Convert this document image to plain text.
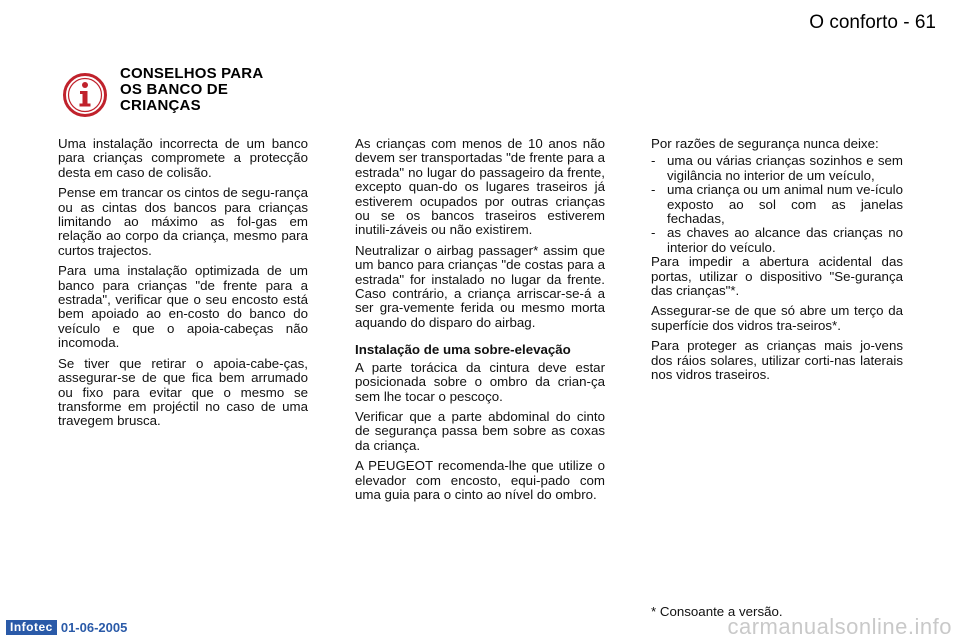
O conforto - 61
CONSELHOS PARA
OS BANCO DE
CRIANÇAS

Uma instalação incorrecta de um banco para crianças compromete a protecção desta em caso de colisão.

Pense em trancar os cintos de segu-rança ou as cintas dos bancos para crianças limitando ao máximo as fol-gas em relação ao corpo da criança, mesmo para curtos trajectos.

Para uma instalação optimizada de um banco para crianças "de frente para a estrada", verificar que o seu encosto está bem apoiado ao en-costo do banco do veículo e que o apoia-cabeças não incomoda.

Se tiver que retirar o apoia-cabe-ças, assegurar-se de que fica bem arrumado ou fixo para evitar que o mesmo se transforme em projéctil no caso de uma travegem brusca.

As crianças com menos de 10 anos não devem ser transportadas "de frente para a estrada" no lugar do passageiro da frente, excepto quan-do os lugares traseiros já estiverem ocupados por outras crianças ou se os bancos traseiros estiverem inutili-záveis ou não existirem.

Neutralizar o airbag passager* assim que um banco para crianças "de costas para a estrada" for instalado no lugar da frente. Caso contrário, a criança arriscar-se-á a ser gra-vemente ferida ou mesmo morta aquando do disparo do airbag.

Instalação de uma sobre-elevação

A parte torácica da cintura deve estar posicionada sobre o ombro da crian-ça sem lhe tocar o pescoço.

Verificar que a parte abdominal do cinto de segurança passa bem sobre as coxas da criança.

A PEUGEOT recomenda-lhe que utilize o elevador com encosto, equi-pado com uma guia para o cinto ao nível do ombro.

Por razões de segurança nunca deixe:

- uma ou várias crianças sozinhos e sem vigilância no interior de um veículo,
- uma criança ou um animal num ve-ículo exposto ao sol com as janelas fechadas,
- as chaves ao alcance das crianças no interior do veículo.

Para impedir a abertura acidental das portas, utilizar o dispositivo "Se-gurança das crianças"*.

Assegurar-se de que só abre um terço da superfície dos vidros tra-seiros*.

Para proteger as crianças mais jo-vens dos ráios solares, utilizar corti-nas laterais nos vidros traseiros.

* Consoante a versão.
Infotec 01-06-2005	carmanualsonline.info
